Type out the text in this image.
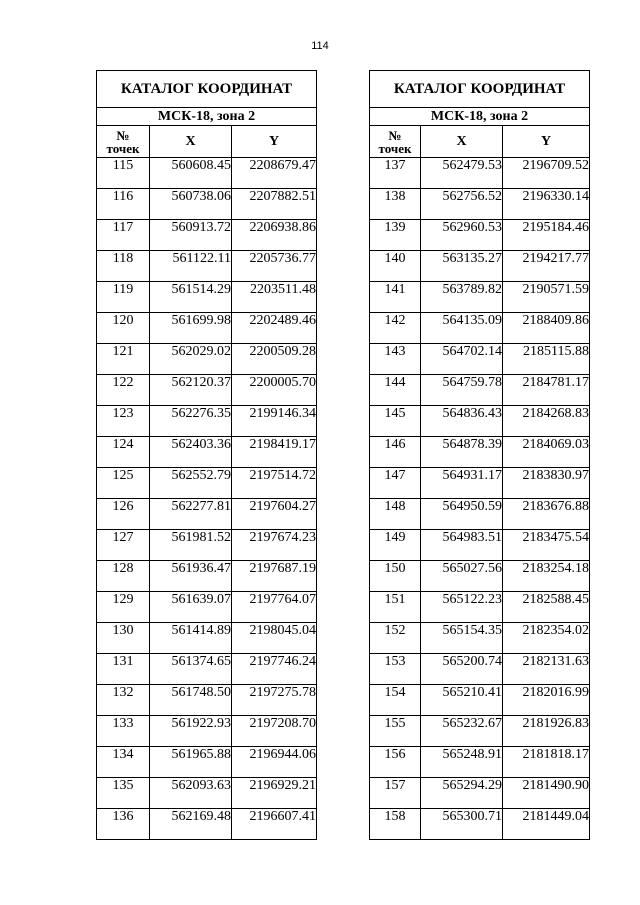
114
КАТАЛОГ КООРДИНАТ		
МСК-18, зона 2		
№
точек	X	Y
115	560608.45	2208679.47
116	560738.06	2207882.51
117	560913.72	2206938.86
118	561122.11	2205736.77
119	561514.29	2203511.48
120	561699.98	2202489.46
121	562029.02	2200509.28
122	562120.37	2200005.70
123	562276.35	2199146.34
124	562403.36	2198419.17
125	562552.79	2197514.72
126	562277.81	2197604.27
127	561981.52	2197674.23
128	561936.47	2197687.19
129	561639.07	2197764.07
130	561414.89	2198045.04
131	561374.65	2197746.24
132	561748.50	2197275.78
133	561922.93	2197208.70
134	561965.88	2196944.06
135	562093.63	2196929.21
136	562169.48	2196607.41
КАТАЛОГ КООРДИНАТ		
МСК-18, зона 2		
№
точек	X	Y
137	562479.53	2196709.52
138	562756.52	2196330.14
139	562960.53	2195184.46
140	563135.27	2194217.77
141	563789.82	2190571.59
142	564135.09	2188409.86
143	564702.14	2185115.88
144	564759.78	2184781.17
145	564836.43	2184268.83
146	564878.39	2184069.03
147	564931.17	2183830.97
148	564950.59	2183676.88
149	564983.51	2183475.54
150	565027.56	2183254.18
151	565122.23	2182588.45
152	565154.35	2182354.02
153	565200.74	2182131.63
154	565210.41	2182016.99
155	565232.67	2181926.83
156	565248.91	2181818.17
157	565294.29	2181490.90
158	565300.71	2181449.04
